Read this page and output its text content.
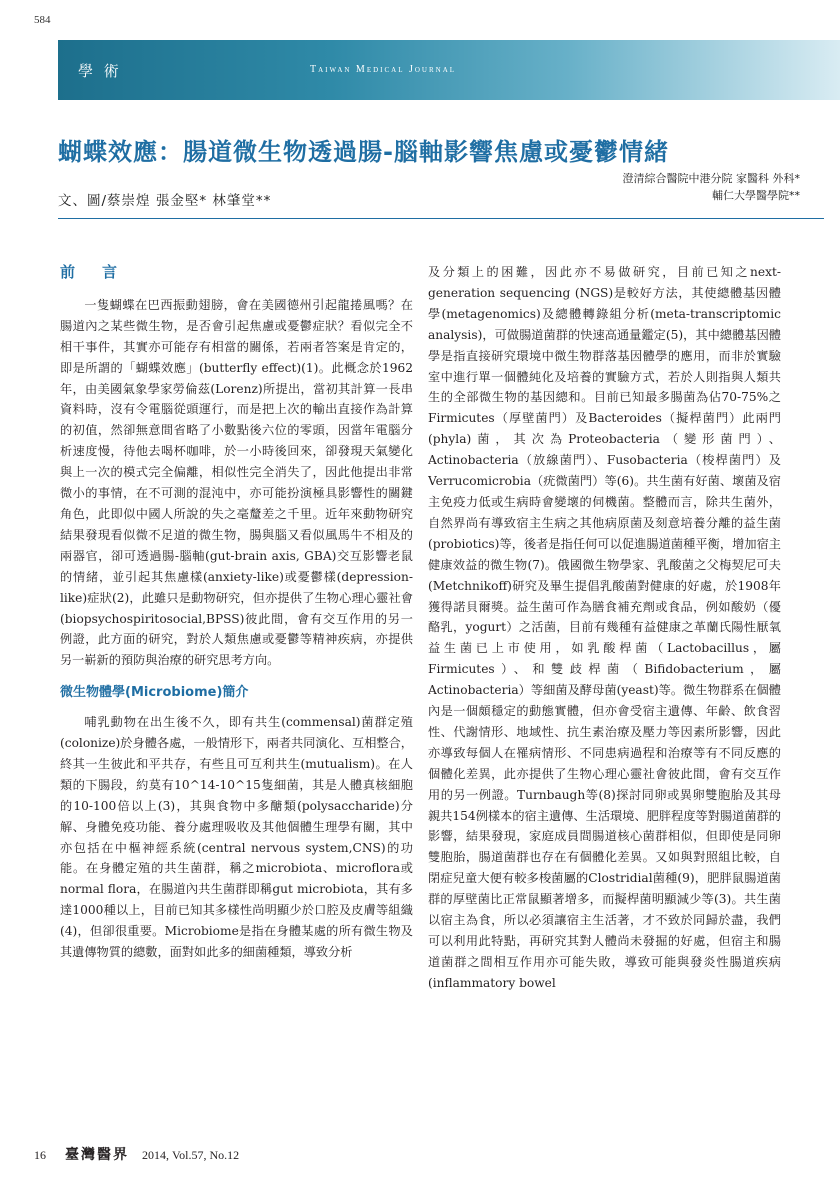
584
學 術	Taiwan Medical Journal
蝴蝶效應：腸道微生物透過腸-腦軸影響焦慮或憂鬱情緒
文、圖/蔡崇煌 張金堅* 林肇堂**
澄清綜合醫院中港分院 家醫科 外科*
輔仁大學醫學院**
前　言

一隻蝴蝶在巴西振動翅膀，會在美國德州引起龍捲風嗎？在腸道內之某些微生物，是否會引起焦慮或憂鬱症狀？看似完全不相干事件，其實亦可能存有相當的關係，若兩者答案是肯定的，即是所謂的「蝴蝶效應」(butterfly effect)(1)。此概念於1962年，由美國氣象學家勞倫茲(Lorenz)所提出，當初其計算一長串資料時，沒有令電腦從頭運行，而是把上次的輸出直接作為計算的初值，然卻無意間省略了小數點後六位的零頭，因當年電腦分析速度慢，待他去喝杯咖啡，於一小時後回來，卻發現天氣變化與上一次的模式完全偏離，相似性完全消失了，因此他提出非常微小的事情，在不可測的混沌中，亦可能扮演極具影響性的關鍵角色，此即似中國人所說的失之毫釐差之千里。近年來動物研究結果發現看似微不足道的微生物，腸與腦又看似風馬牛不相及的兩器官，卻可透過腸-腦軸(gut-brain axis, GBA)交互影響老鼠的情緒，並引起其焦慮樣(anxiety-like)或憂鬱樣(depression-like)症狀(2)，此雖只是動物研究，但亦提供了生物心理心靈社會(biopsychospiritosocial,BPSS)彼此間，會有交互作用的另一例證，此方面的研究，對於人類焦慮或憂鬱等精神疾病，亦提供另一嶄新的預防與治療的研究思考方向。

微生物體學(Microbiome)簡介

哺乳動物在出生後不久，即有共生(commensal)菌群定殖(colonize)於身體各處，一般情形下，兩者共同演化、互相整合，終其一生彼此和平共存，有些且可互利共生(mutualism)。在人類的下腸段，約莫有10^14-10^15隻細菌，其是人體真核細胞的10-100倍以上(3)，其與食物中多醣類(polysaccharide)分解、身體免疫功能、養分處理吸收及其他個體生理學有關，其中亦包括在中樞神經系統(central nervous system,CNS)的功能。在身體定殖的共生菌群，稱之microbiota、microflora或normal flora，在腸道內共生菌群即稱gut microbiota，其有多達1000種以上，目前已知其多樣性尚明顯少於口腔及皮膚等組織(4)，但卻很重要。Microbiome是指在身體某處的所有微生物及其遺傳物質的總數，面對如此多的細菌種類，導致分析

及分類上的困難，因此亦不易做研究，目前已知之next-generation sequencing (NGS)是較好方法，其使總體基因體學(metagenomics)及總體轉錄組分析(meta-transcriptomic analysis)，可做腸道菌群的快速高通量鑑定(5)，其中總體基因體學是指直接研究環境中微生物群落基因體學的應用，而非於實驗室中進行單一個體純化及培養的實驗方式，若於人則指與人類共生的全部微生物的基因總和。目前已知最多腸菌為佔70-75%之Firmicutes（厚壁菌門）及Bacteroides（擬桿菌門）此兩門(phyla)菌，其次為Proteobacteria（變形菌門）、Actinobacteria（放線菌門）、Fusobacteria（梭桿菌門）及Verrucomicrobia（疣微菌門）等(6)。共生菌有好菌、壞菌及宿主免疫力低或生病時會變壞的伺機菌。整體而言，除共生菌外，自然界尚有導致宿主生病之其他病原菌及刻意培養分離的益生菌(probiotics)等，後者是指任何可以促進腸道菌種平衡，增加宿主健康效益的微生物(7)。俄國微生物學家、乳酸菌之父梅契尼可夫(Metchnikoff)研究及畢生提倡乳酸菌對健康的好處，於1908年獲得諾貝爾獎。益生菌可作為膳食補充劑或食品，例如酸奶（優酪乳，yogurt）之活菌，目前有幾種有益健康之革蘭氏陽性厭氧益生菌已上市使用，如乳酸桿菌（Lactobacillus，屬Firmicutes）、和雙歧桿菌（Bifidobacterium，屬Actinobacteria）等細菌及酵母菌(yeast)等。微生物群系在個體內是一個頗穩定的動態實體，但亦會受宿主遺傳、年齡、飲食習性、代謝情形、地域性、抗生素治療及壓力等因素所影響，因此亦導致每個人在罹病情形、不同患病過程和治療等有不同反應的個體化差異，此亦提供了生物心理心靈社會彼此間，會有交互作用的另一例證。Turnbaugh等(8)探討同卵或異卵雙胞胎及其母親共154例樣本的宿主遺傳、生活環境、肥胖程度等對腸道菌群的影響，結果發現，家庭成員間腸道核心菌群相似，但即使是同卵雙胞胎，腸道菌群也存在有個體化差異。又如與對照組比較，自閉症兒童大便有較多梭菌屬的Clostridial菌種(9)，肥胖鼠腸道菌群的厚壁菌比正常鼠顯著增多，而擬桿菌明顯減少等(3)。共生菌以宿主為食，所以必須讓宿主生活著，才不致於同歸於盡，我們可以利用此特點，再研究其對人體尚未發掘的好處，但宿主和腸道菌群之間相互作用亦可能失敗，導致可能與發炎性腸道疾病(inflammatory bowel

16 臺灣醫界 2014, Vol.57, No.12
